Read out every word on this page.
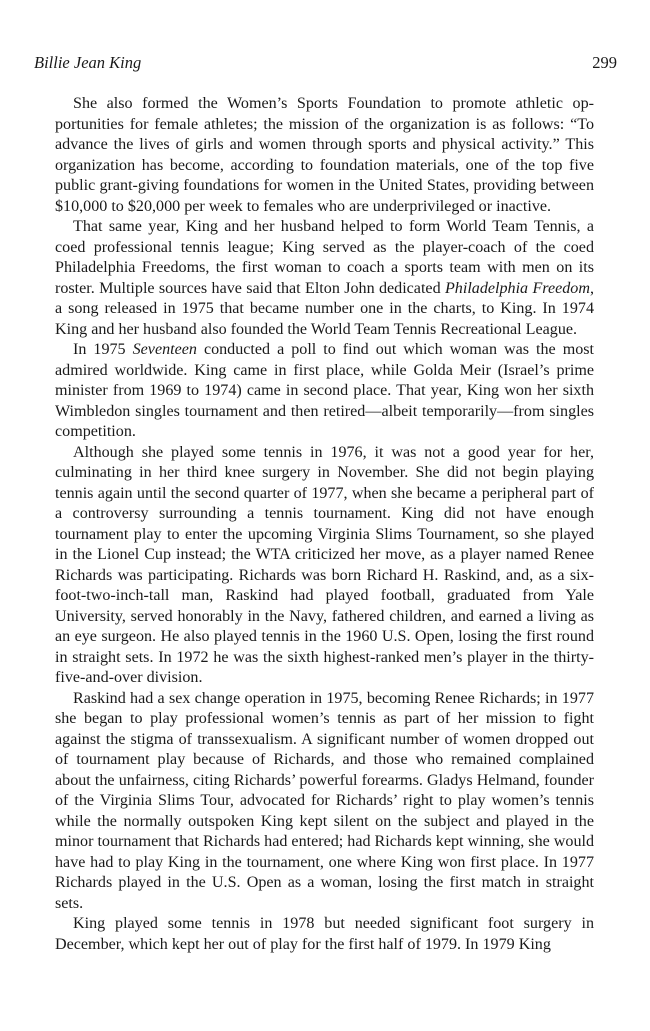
Billie Jean King	299

She also formed the Women’s Sports Foundation to promote athletic opportunities for female athletes; the mission of the organization is as follows: “To advance the lives of girls and women through sports and physical activity.” This organization has become, according to foundation materials, one of the top five public grant-giving foundations for women in the United States, providing between $10,000 to $20,000 per week to females who are underprivileged or inactive.

That same year, King and her husband helped to form World Team Tennis, a coed professional tennis league; King served as the player-coach of the coed Philadelphia Freedoms, the first woman to coach a sports team with men on its roster. Multiple sources have said that Elton John dedicated Philadelphia Freedom, a song released in 1975 that became number one in the charts, to King. In 1974 King and her husband also founded the World Team Tennis Recreational League.

In 1975 Seventeen conducted a poll to find out which woman was the most admired worldwide. King came in first place, while Golda Meir (Israel’s prime minister from 1969 to 1974) came in second place. That year, King won her sixth Wimbledon singles tournament and then retired—albeit temporarily—from singles competition.

Although she played some tennis in 1976, it was not a good year for her, culminating in her third knee surgery in November. She did not begin playing tennis again until the second quarter of 1977, when she became a peripheral part of a controversy surrounding a tennis tournament. King did not have enough tournament play to enter the upcoming Virginia Slims Tournament, so she played in the Lionel Cup instead; the WTA criticized her move, as a player named Renee Richards was participating. Richards was born Richard H. Raskind, and, as a six-foot-two-inch-tall man, Raskind had played football, graduated from Yale University, served honorably in the Navy, fathered children, and earned a living as an eye surgeon. He also played tennis in the 1960 U.S. Open, losing the first round in straight sets. In 1972 he was the sixth highest-ranked men’s player in the thirty-five-and-over division.

Raskind had a sex change operation in 1975, becoming Renee Richards; in 1977 she began to play professional women’s tennis as part of her mission to fight against the stigma of transsexualism. A significant number of women dropped out of tournament play because of Richards, and those who remained complained about the unfairness, citing Richards’ powerful forearms. Gladys Helmand, founder of the Virginia Slims Tour, advocated for Richards’ right to play women’s tennis while the normally outspoken King kept silent on the subject and played in the minor tournament that Richards had entered; had Richards kept winning, she would have had to play King in the tournament, one where King won first place. In 1977 Richards played in the U.S. Open as a woman, losing the first match in straight sets.

King played some tennis in 1978 but needed significant foot surgery in December, which kept her out of play for the first half of 1979. In 1979 King
